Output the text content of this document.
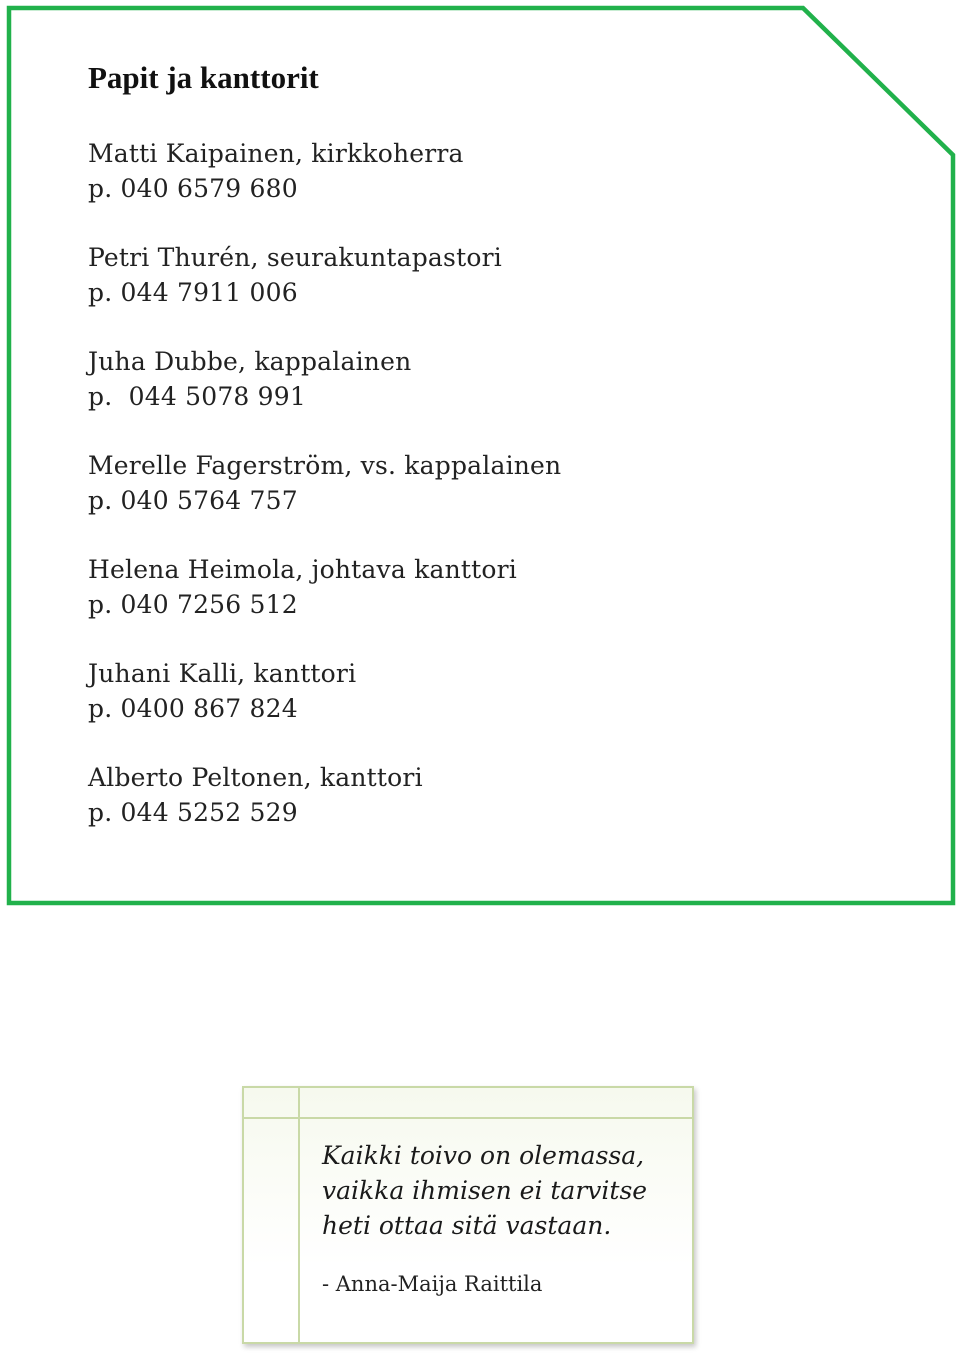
Papit ja kanttorit
Matti Kaipainen, kirkkoherra
p. 040 6579 680
Petri Thurén, seurakuntapastori
p. 044 7911 006
Juha Dubbe, kappalainen
p.  044 5078 991
Merelle Fagerström, vs. kappalainen
p. 040 5764 757
Helena Heimola, johtava kanttori
p. 040 7256 512
Juhani Kalli, kanttori
p. 0400 867 824
Alberto Peltonen, kanttori
p. 044 5252 529
Kaikki toivo on olemassa,
vaikka ihmisen ei tarvitse
heti ottaa sitä vastaan.
- Anna-Maija Raittila
